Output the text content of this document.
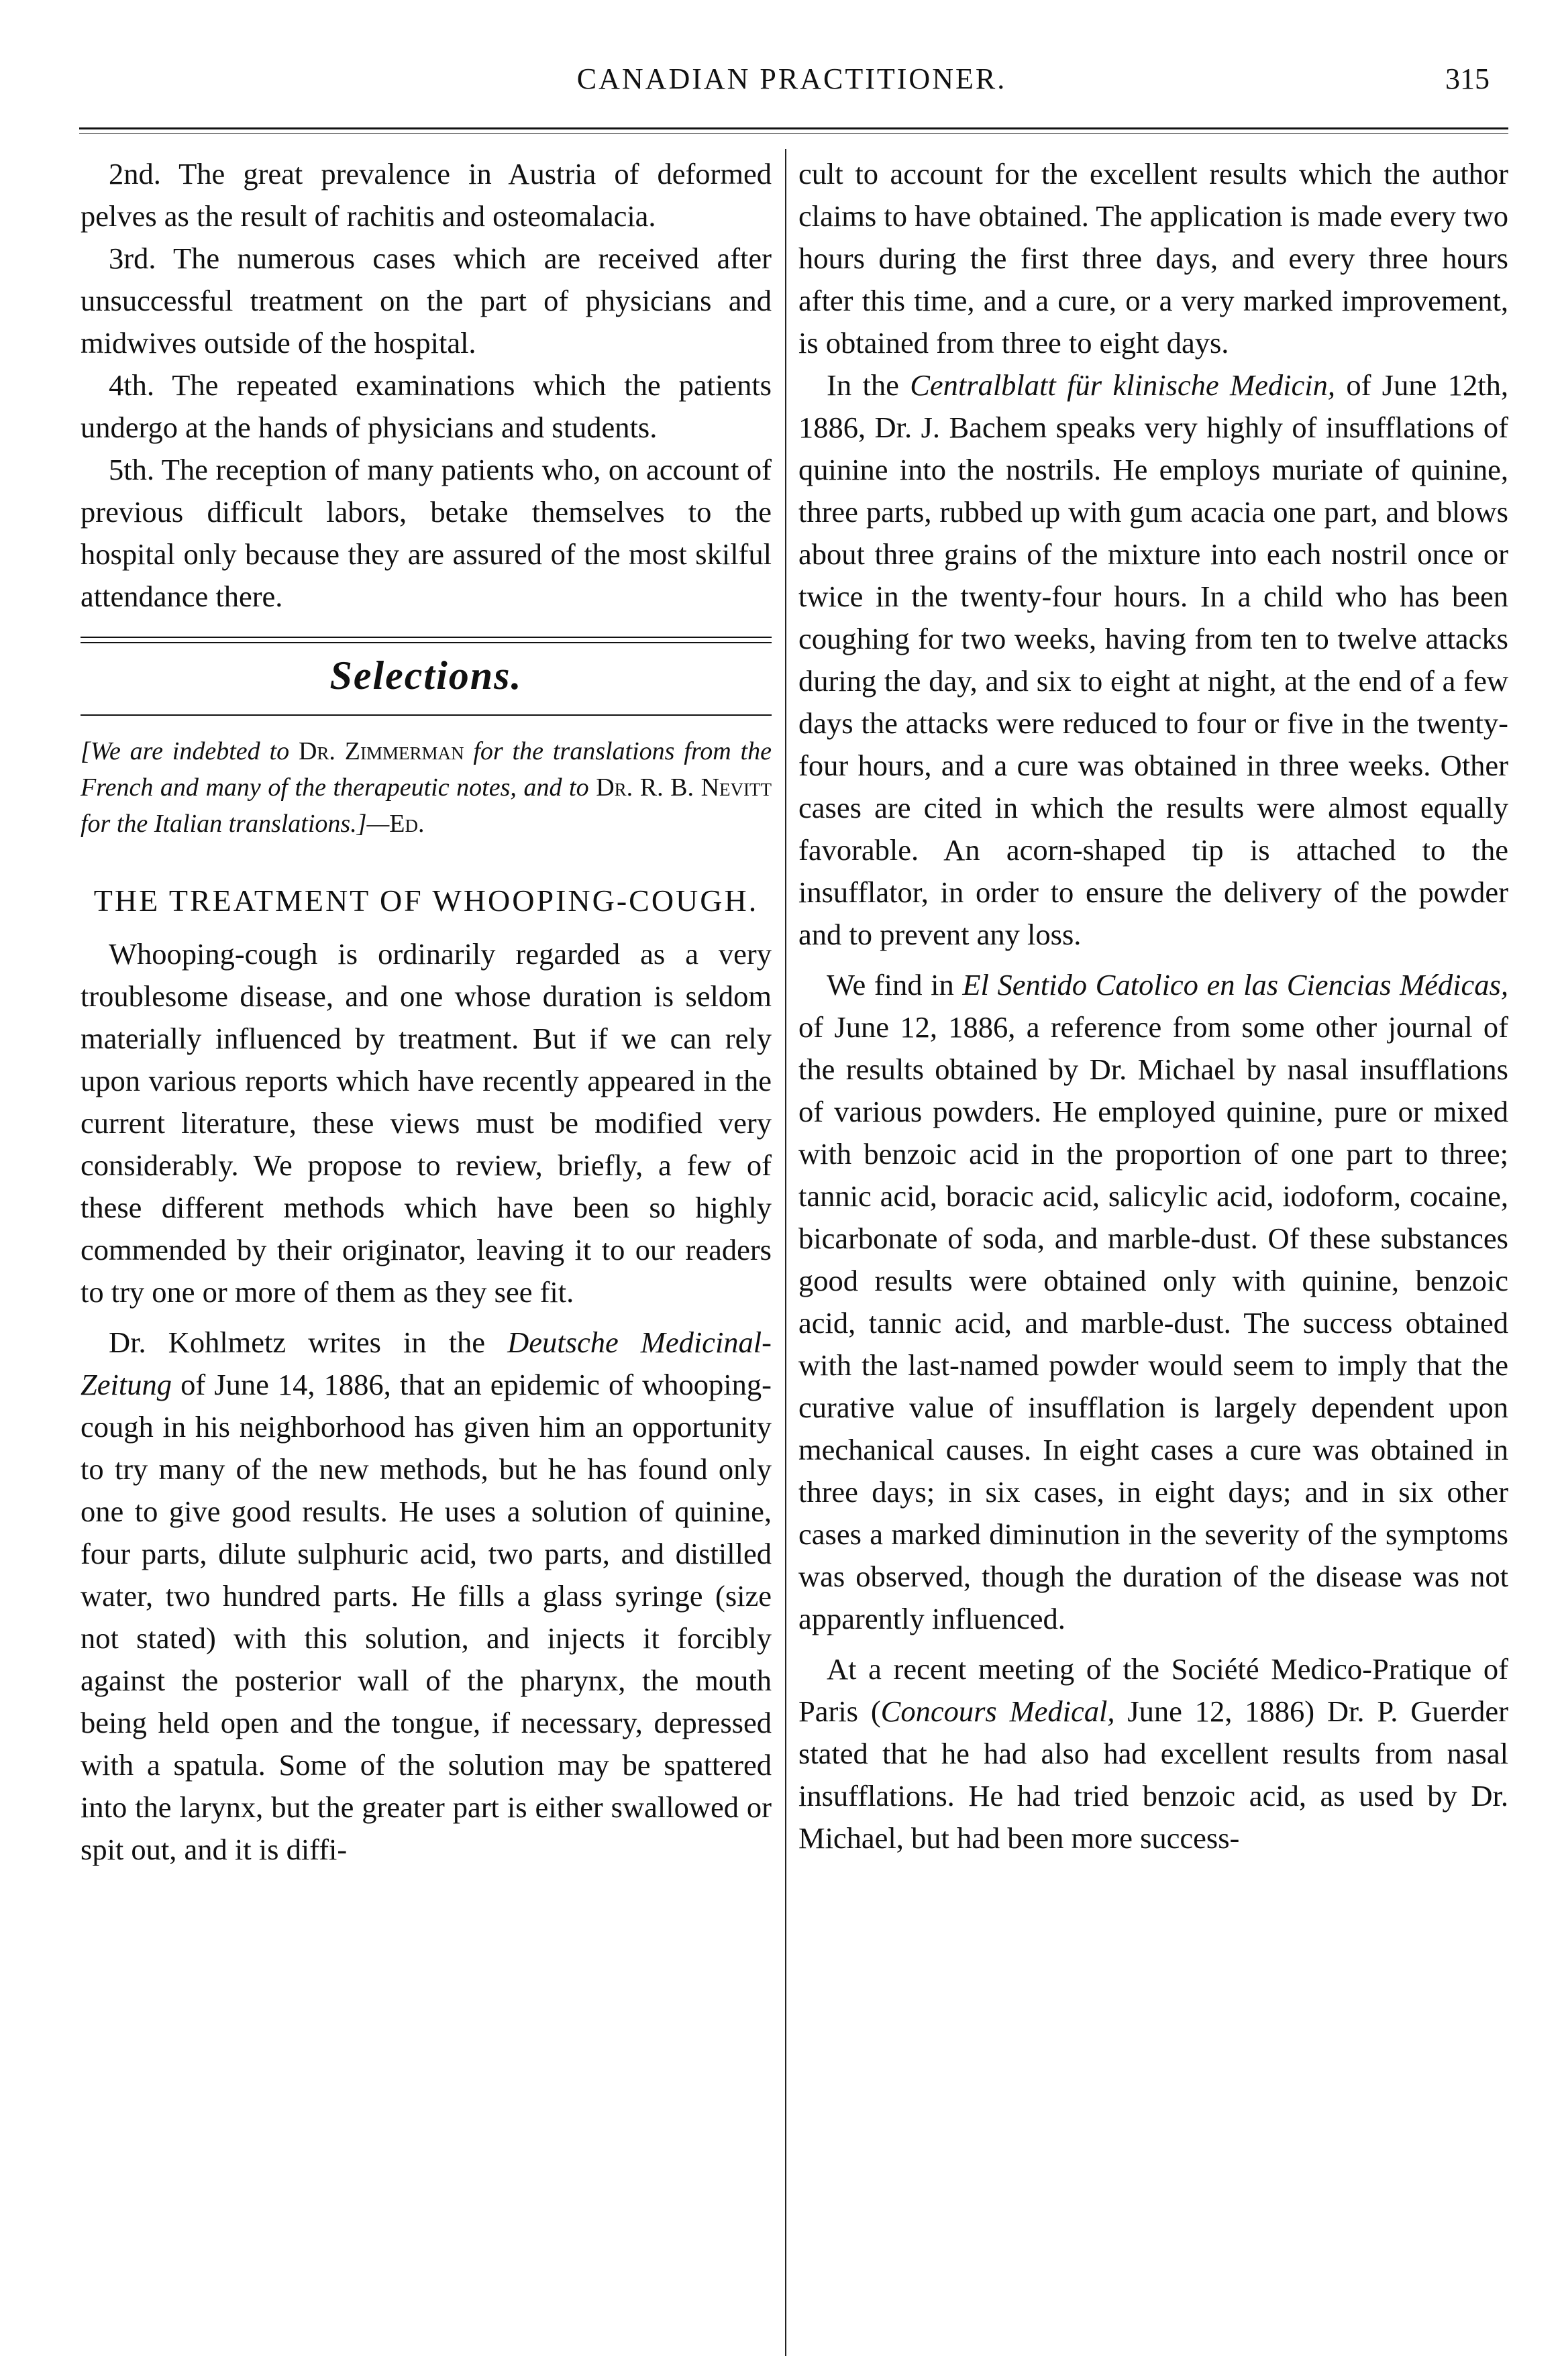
CANADIAN PRACTITIONER.	315

2nd. The great prevalence in Austria of deformed pelves as the result of rachitis and osteomalacia.

3rd. The numerous cases which are received after unsuccessful treatment on the part of physicians and midwives outside of the hospital.

4th. The repeated examinations which the patients undergo at the hands of physicians and students.

5th. The reception of many patients who, on account of previous difficult labors, betake themselves to the hospital only because they are assured of the most skilful attendance there.

Selections.
[We are indebted to Dr. Zimmerman for the translations from the French and many of the therapeutic notes, and to Dr. R. B. Nevitt for the Italian translations.]—Ed.
THE TREATMENT OF WHOOPING-COUGH.

Whooping-cough is ordinarily regarded as a very troublesome disease, and one whose duration is seldom materially influenced by treatment. But if we can rely upon various reports which have recently appeared in the current literature, these views must be modified very considerably. We propose to review, briefly, a few of these different methods which have been so highly commended by their originator, leaving it to our readers to try one or more of them as they see fit.

Dr. Kohlmetz writes in the Deutsche Medicinal-Zeitung of June 14, 1886, that an epidemic of whooping-cough in his neighborhood has given him an opportunity to try many of the new methods, but he has found only one to give good results. He uses a solution of quinine, four parts, dilute sulphuric acid, two parts, and distilled water, two hundred parts. He fills a glass syringe (size not stated) with this solution, and injects it forcibly against the posterior wall of the pharynx, the mouth being held open and the tongue, if necessary, depressed with a spatula. Some of the solution may be spattered into the larynx, but the greater part is either swallowed or spit out, and it is diffi-

cult to account for the excellent results which the author claims to have obtained. The application is made every two hours during the first three days, and every three hours after this time, and a cure, or a very marked improvement, is obtained from three to eight days.

In the Centralblatt für klinische Medicin, of June 12th, 1886, Dr. J. Bachem speaks very highly of insufflations of quinine into the nostrils. He employs muriate of quinine, three parts, rubbed up with gum acacia one part, and blows about three grains of the mixture into each nostril once or twice in the twenty-four hours. In a child who has been coughing for two weeks, having from ten to twelve attacks during the day, and six to eight at night, at the end of a few days the attacks were reduced to four or five in the twenty-four hours, and a cure was obtained in three weeks. Other cases are cited in which the results were almost equally favorable. An acorn-shaped tip is attached to the insufflator, in order to ensure the delivery of the powder and to prevent any loss.

We find in El Sentido Catolico en las Ciencias Médicas, of June 12, 1886, a reference from some other journal of the results obtained by Dr. Michael by nasal insufflations of various powders. He employed quinine, pure or mixed with benzoic acid in the proportion of one part to three; tannic acid, boracic acid, salicylic acid, iodoform, cocaine, bicarbonate of soda, and marble-dust. Of these substances good results were obtained only with quinine, benzoic acid, tannic acid, and marble-dust. The success obtained with the last-named powder would seem to imply that the curative value of insufflation is largely dependent upon mechanical causes. In eight cases a cure was obtained in three days; in six cases, in eight days; and in six other cases a marked diminution in the severity of the symptoms was observed, though the duration of the disease was not apparently influenced.

At a recent meeting of the Société Medico-Pratique of Paris (Concours Medical, June 12, 1886) Dr. P. Guerder stated that he had also had excellent results from nasal insufflations. He had tried benzoic acid, as used by Dr. Michael, but had been more success-
